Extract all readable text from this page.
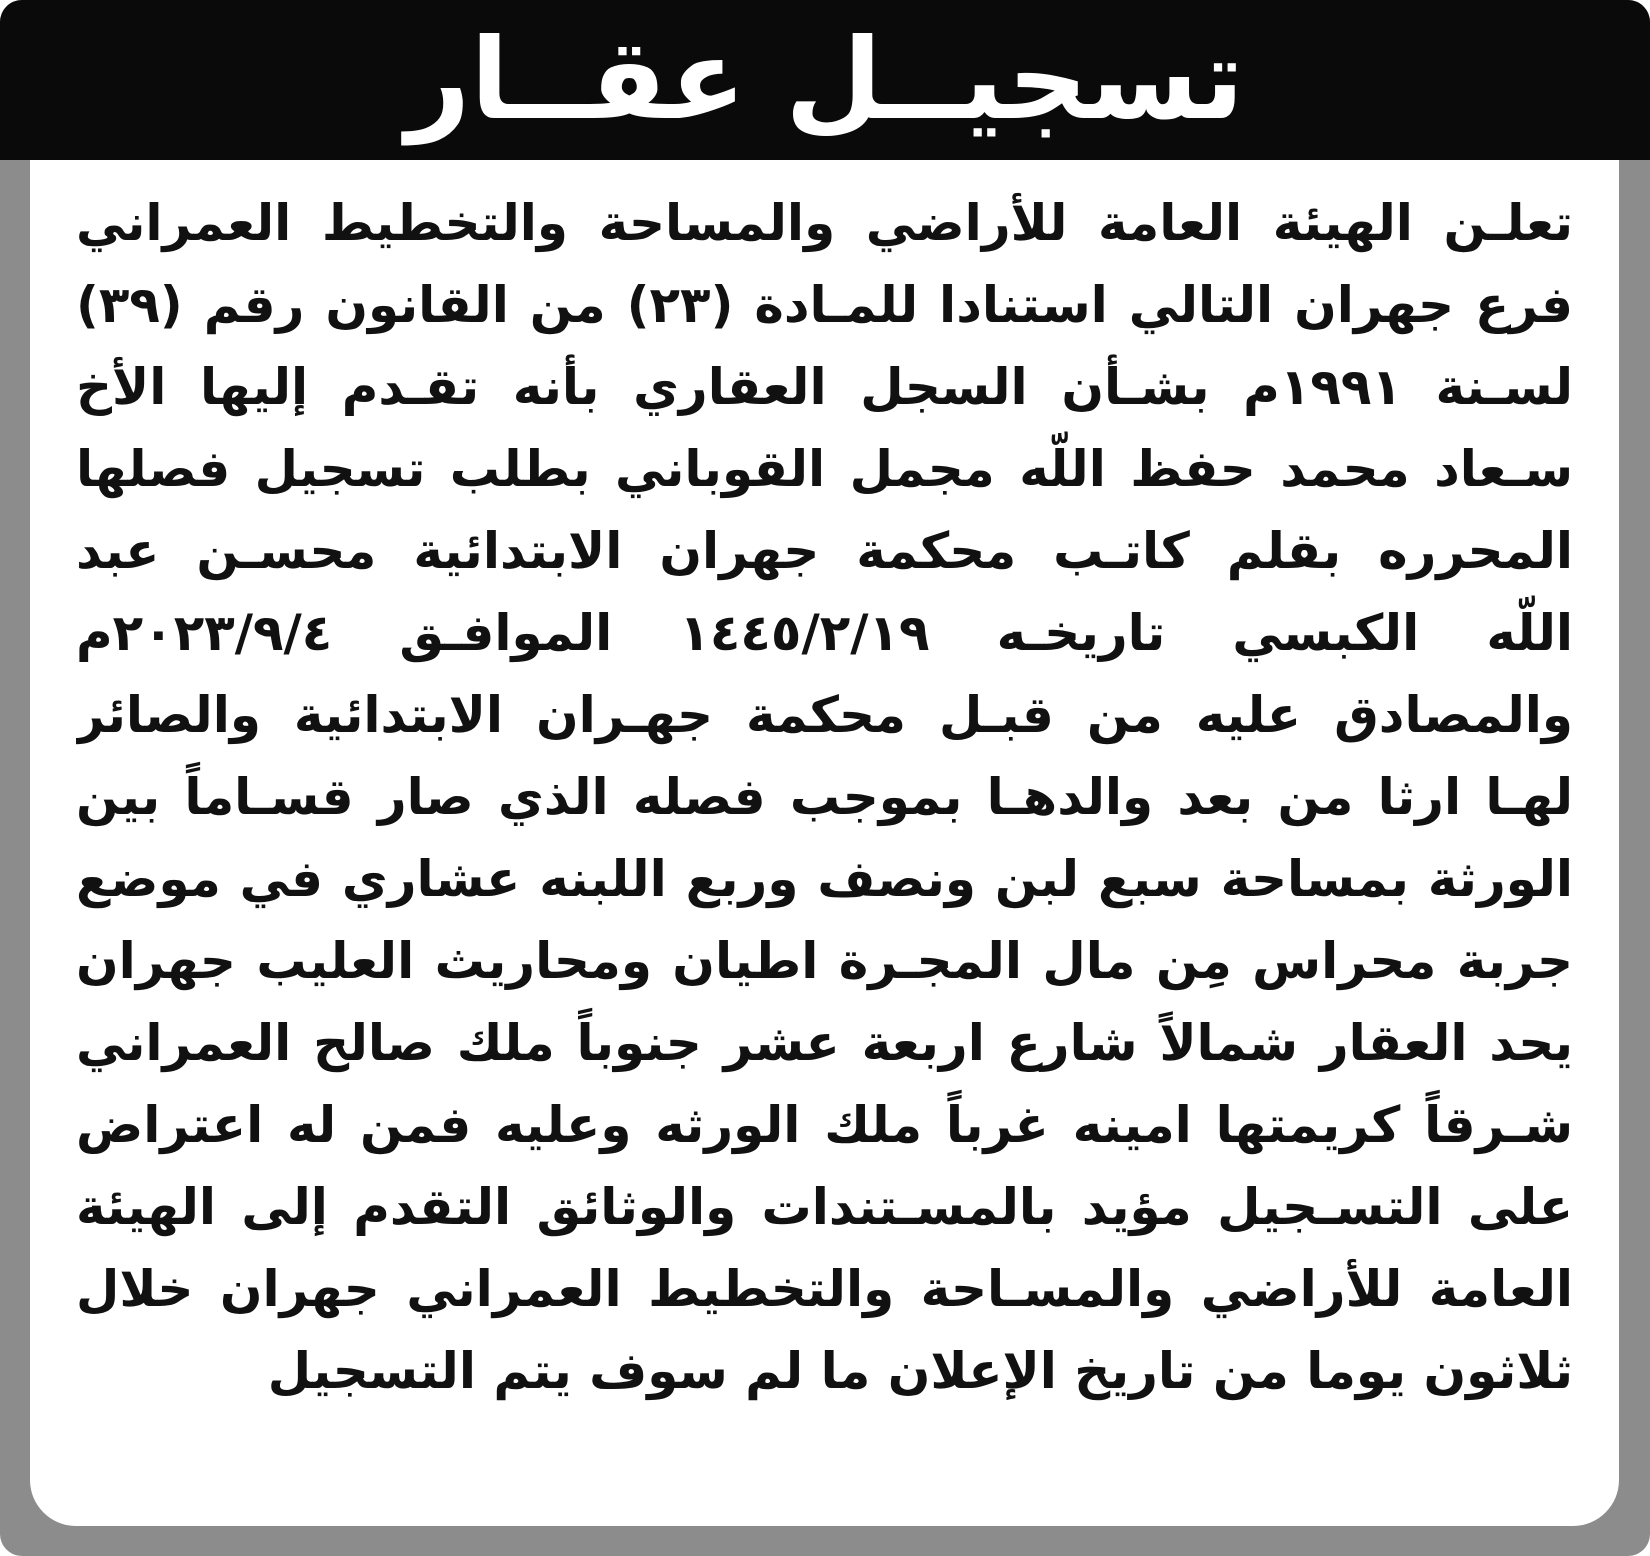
تسجيــل عقــار
تعلـن الهيئة العامة للأراضي والمساحة والتخطيط العمراني
فرع جهران التالي استنادا للمـادة (٢٣) من القانون رقم (٣٩)
لسـنة ١٩٩١م بشـأن السجل العقاري بأنه تقـدم إليها الأخ
سـعاد محمد حفظ اللّه مجمل القوباني بطلب تسجيل فصلها
المحرره بقلم كاتـب محكمة جهران الابتدائية محسـن عبد
اللّه الكبسي تاريخـه ١٤٤٥/٢/١٩ الموافـق ٢٠٢٣/٩/٤م
والمصادق عليه من قبـل محكمة جهـران الابتدائية والصائر
لهـا ارثا من بعد والدهـا بموجب فصله الذي صار قسـاماً بين
الورثة بمساحة سبع لبن ونصف وربع اللبنه عشاري في موضع
جربة محراس مِن مال المجـرة اطيان ومحاريث العليب جهران
يحد العقار شمالاً شارع اربعة عشر جنوباً ملك صالح العمراني
شـرقاً كريمتها امينه غرباً ملك الورثه وعليه فمن له اعتراض
على التسـجيل مؤيد بالمسـتندات والوثائق التقدم إلى الهيئة
العامة للأراضي والمسـاحة والتخطيط العمراني جهران خلال
ثلاثون يوما من تاريخ الإعلان ما لم سوف يتم التسجيل
